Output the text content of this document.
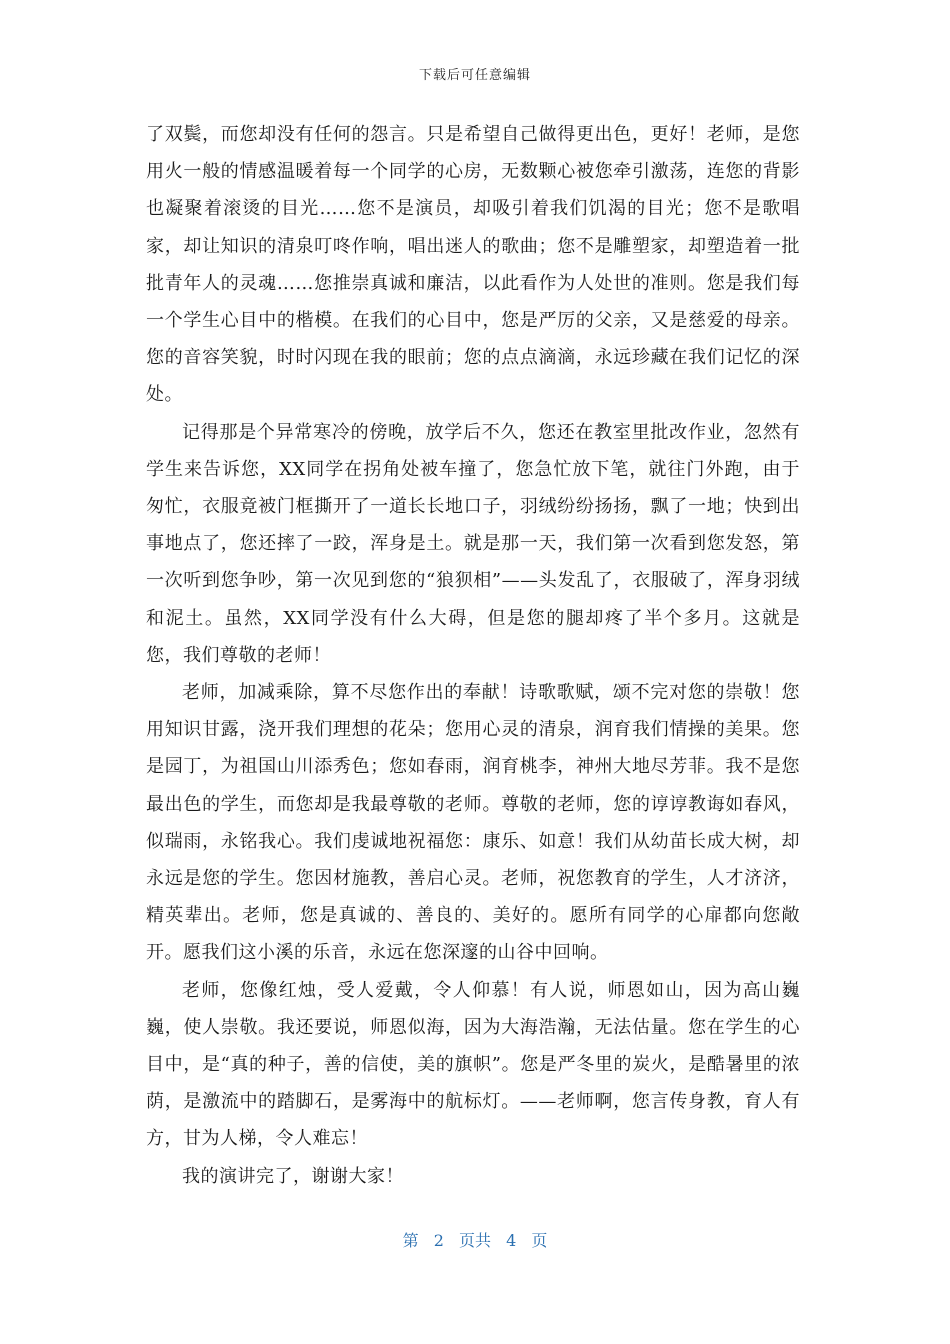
下载后可任意编辑

了双鬓，而您却没有任何的怨言。只是希望自己做得更出色，更好！老师，是您用火一般的情感温暖着每一个同学的心房，无数颗心被您牵引激荡，连您的背影也凝聚着滚烫的目光……您不是演员，却吸引着我们饥渴的目光；您不是歌唱家，却让知识的清泉叮咚作响，唱出迷人的歌曲；您不是雕塑家，却塑造着一批批青年人的灵魂……您推崇真诚和廉洁，以此看作为人处世的准则。您是我们每一个学生心目中的楷模。在我们的心目中，您是严厉的父亲，又是慈爱的母亲。您的音容笑貌，时时闪现在我的眼前；您的点点滴滴，永远珍藏在我们记忆的深处。

记得那是个异常寒冷的傍晚，放学后不久，您还在教室里批改作业，忽然有学生来告诉您，XX同学在拐角处被车撞了，您急忙放下笔，就往门外跑，由于匆忙，衣服竟被门框撕开了一道长长地口子，羽绒纷纷扬扬，飘了一地；快到出事地点了，您还摔了一跤，浑身是土。就是那一天，我们第一次看到您发怒，第一次听到您争吵，第一次见到您的“狼狈相”——头发乱了，衣服破了，浑身羽绒和泥土。虽然，XX同学没有什么大碍，但是您的腿却疼了半个多月。这就是您，我们尊敬的老师！

老师，加减乘除，算不尽您作出的奉献！诗歌歌赋，颂不完对您的崇敬！您用知识甘露，浇开我们理想的花朵；您用心灵的清泉，润育我们情操的美果。您是园丁，为祖国山川添秀色；您如春雨，润育桃李，神州大地尽芳菲。我不是您最出色的学生，而您却是我最尊敬的老师。尊敬的老师，您的谆谆教诲如春风，似瑞雨，永铭我心。我们虔诚地祝福您：康乐、如意！我们从幼苗长成大树，却永远是您的学生。您因材施教，善启心灵。老师，祝您教育的学生，人才济济，精英辈出。老师，您是真诚的、善良的、美好的。愿所有同学的心扉都向您敞开。愿我们这小溪的乐音，永远在您深邃的山谷中回响。

老师，您像红烛，受人爱戴，令人仰慕！有人说，师恩如山，因为高山巍巍，使人崇敬。我还要说，师恩似海，因为大海浩瀚，无法估量。您在学生的心目中，是“真的种子，善的信使，美的旗帜”。您是严冬里的炭火，是酷暑里的浓荫，是激流中的踏脚石，是雾海中的航标灯。——老师啊，您言传身教，育人有方，甘为人梯，令人难忘！

我的演讲完了，谢谢大家！

第 2 页共 4 页
